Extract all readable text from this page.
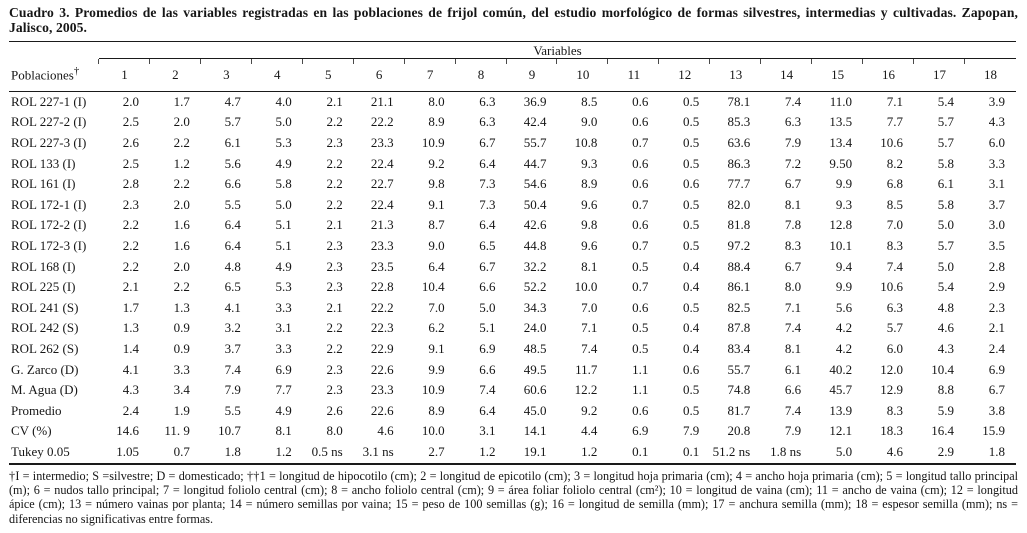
Cuadro 3. Promedios de las variables registradas en las poblaciones de frijol común, del estudio morfológico de formas silvestres, intermedias y cultivadas. Zapopan, Jalisco, 2005.

	Variables																	
Poblaciones†	1	2	3	4	5	6	7	8	9	10	11	12	13	14	15	16	17	18
ROL 227-1 (I)	2.0	1.7	4.7	4.0	2.1	21.1	8.0	6.3	36.9	8.5	0.6	0.5	78.1	7.4	11.0	7.1	5.4	3.9
ROL 227-2 (I)	2.5	2.0	5.7	5.0	2.2	22.2	8.9	6.3	42.4	9.0	0.6	0.5	85.3	6.3	13.5	7.7	5.7	4.3
ROL 227-3 (I)	2.6	2.2	6.1	5.3	2.3	23.3	10.9	6.7	55.7	10.8	0.7	0.5	63.6	7.9	13.4	10.6	5.7	6.0
ROL 133 (I)	2.5	1.2	5.6	4.9	2.2	22.4	9.2	6.4	44.7	9.3	0.6	0.5	86.3	7.2	9.50	8.2	5.8	3.3
ROL 161 (I)	2.8	2.2	6.6	5.8	2.2	22.7	9.8	7.3	54.6	8.9	0.6	0.6	77.7	6.7	9.9	6.8	6.1	3.1
ROL 172-1 (I)	2.3	2.0	5.5	5.0	2.2	22.4	9.1	7.3	50.4	9.6	0.7	0.5	82.0	8.1	9.3	8.5	5.8	3.7
ROL 172-2 (I)	2.2	1.6	6.4	5.1	2.1	21.3	8.7	6.4	42.6	9.8	0.6	0.5	81.8	7.8	12.8	7.0	5.0	3.0
ROL 172-3 (I)	2.2	1.6	6.4	5.1	2.3	23.3	9.0	6.5	44.8	9.6	0.7	0.5	97.2	8.3	10.1	8.3	5.7	3.5
ROL 168 (I)	2.2	2.0	4.8	4.9	2.3	23.5	6.4	6.7	32.2	8.1	0.5	0.4	88.4	6.7	9.4	7.4	5.0	2.8
ROL 225 (I)	2.1	2.2	6.5	5.3	2.3	22.8	10.4	6.6	52.2	10.0	0.7	0.4	86.1	8.0	9.9	10.6	5.4	2.9
ROL 241 (S)	1.7	1.3	4.1	3.3	2.1	22.2	7.0	5.0	34.3	7.0	0.6	0.5	82.5	7.1	5.6	6.3	4.8	2.3
ROL 242 (S)	1.3	0.9	3.2	3.1	2.2	22.3	6.2	5.1	24.0	7.1	0.5	0.4	87.8	7.4	4.2	5.7	4.6	2.1
ROL 262 (S)	1.4	0.9	3.7	3.3	2.2	22.9	9.1	6.9	48.5	7.4	0.5	0.4	83.4	8.1	4.2	6.0	4.3	2.4
G. Zarco (D)	4.1	3.3	7.4	6.9	2.3	22.6	9.9	6.6	49.5	11.7	1.1	0.6	55.7	6.1	40.2	12.0	10.4	6.9
M. Agua (D)	4.3	3.4	7.9	7.7	2.3	23.3	10.9	7.4	60.6	12.2	1.1	0.5	74.8	6.6	45.7	12.9	8.8	6.7
Promedio	2.4	1.9	5.5	4.9	2.6	22.6	8.9	6.4	45.0	9.2	0.6	0.5	81.7	7.4	13.9	8.3	5.9	3.8
CV (%)	14.6	11. 9	10.7	8.1	8.0	4.6	10.0	3.1	14.1	4.4	6.9	7.9	20.8	7.9	12.1	18.3	16.4	15.9
Tukey 0.05	1.05	0.7	1.8	1.2	0.5 ns	3.1 ns	2.7	1.2	19.1	1.2	0.1	0.1	51.2 ns	1.8 ns	5.0	4.6	2.9	1.8

†I = intermedio; S =silvestre; D = domesticado; ††1 = longitud de hipocotilo (cm); 2 = longitud de epicotilo (cm); 3 = longitud hoja primaria (cm); 4 = ancho hoja primaria (cm); 5 = longitud tallo principal (m); 6 = nudos tallo principal; 7 = longitud foliolo central (cm); 8 = ancho foliolo central (cm); 9 = área foliar foliolo central (cm²); 10 = longitud de vaina (cm); 11 = ancho de vaina (cm); 12 = longitud ápice (cm); 13 = número vainas por planta; 14 = número semillas por vaina; 15 = peso de 100 semillas (g); 16 = longitud de semilla (mm); 17 = anchura semilla (mm); 18 = espesor semilla (mm); ns = diferencias no significativas entre formas.
